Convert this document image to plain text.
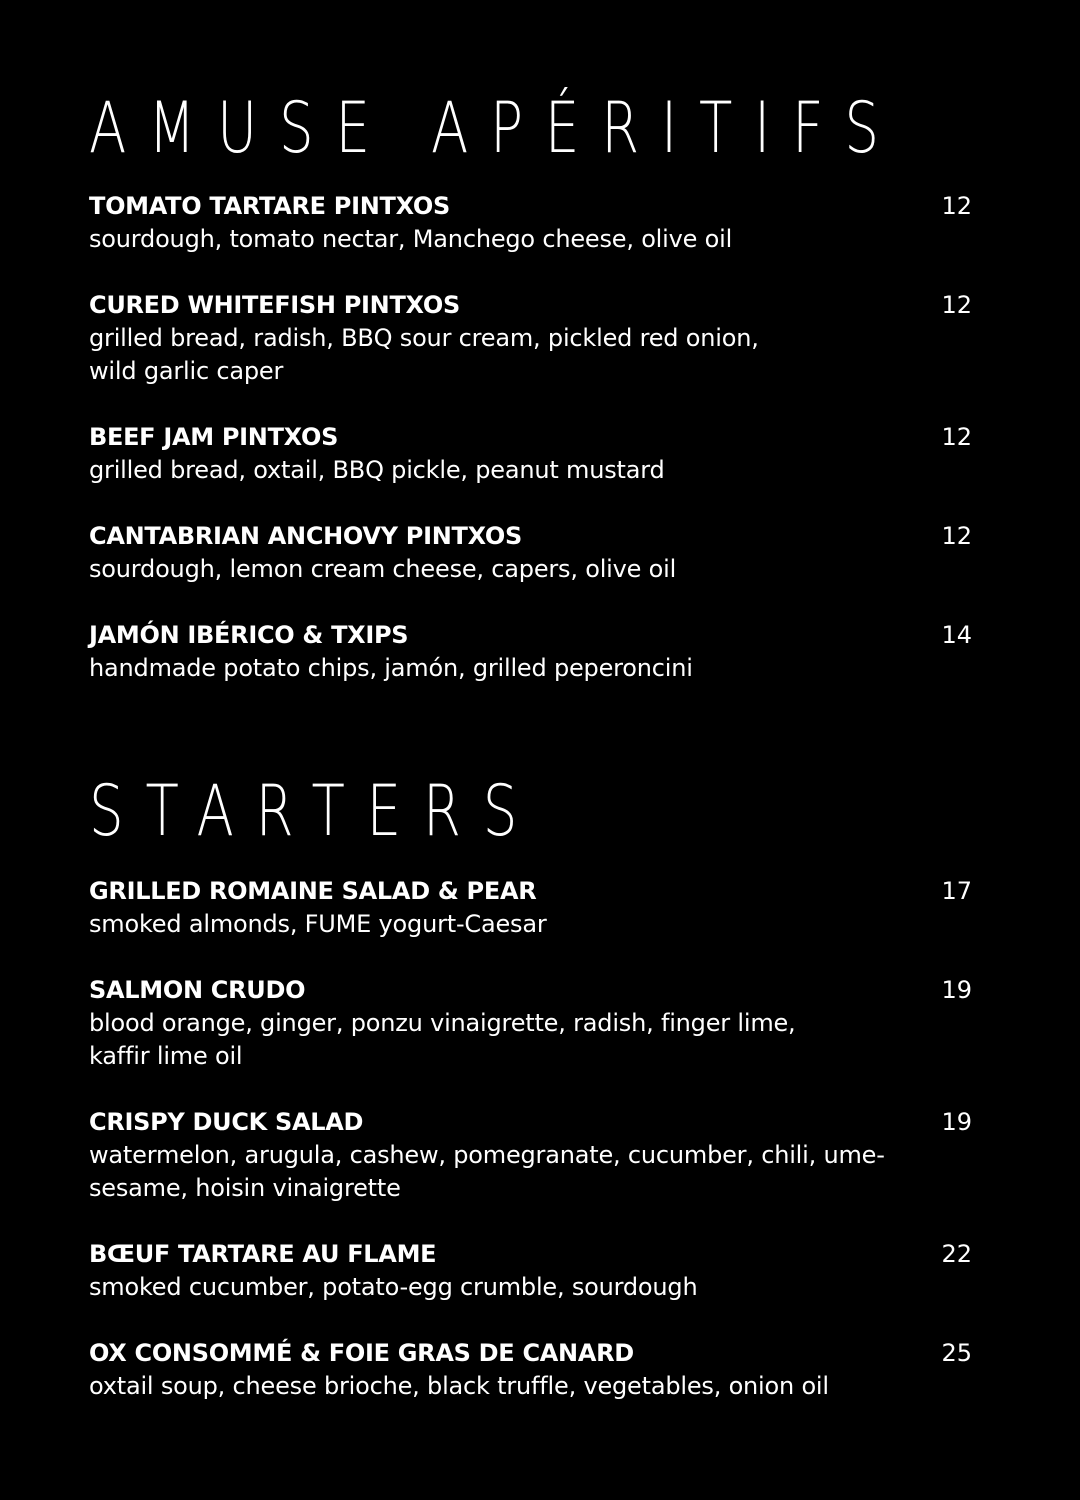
AMUSE APÉRITIFS
TOMATO TARTARE PINTXOS	12
sourdough, tomato nectar, Manchego cheese, olive oil
CURED WHITEFISH PINTXOS	12
grilled bread, radish, BBQ sour cream, pickled red onion, wild garlic caper
BEEF JAM PINTXOS	12
grilled bread, oxtail, BBQ pickle, peanut mustard
CANTABRIAN ANCHOVY PINTXOS	12
sourdough, lemon cream cheese, capers, olive oil
JAMÓN IBÉRICO & TXIPS	14
handmade potato chips, jamón, grilled peperoncini
STARTERS
GRILLED ROMAINE SALAD & PEAR	17
smoked almonds, FUME yogurt-Caesar
SALMON CRUDO	19
blood orange, ginger, ponzu vinaigrette, radish, finger lime, kaffir lime oil
CRISPY DUCK SALAD	19
watermelon, arugula, cashew, pomegranate, cucumber, chili, ume-sesame, hoisin vinaigrette
BŒUF TARTARE AU FLAME	22
smoked cucumber, potato-egg crumble, sourdough
OX CONSOMMÉ & FOIE GRAS DE CANARD	25
oxtail soup, cheese brioche, black truffle, vegetables, onion oil
